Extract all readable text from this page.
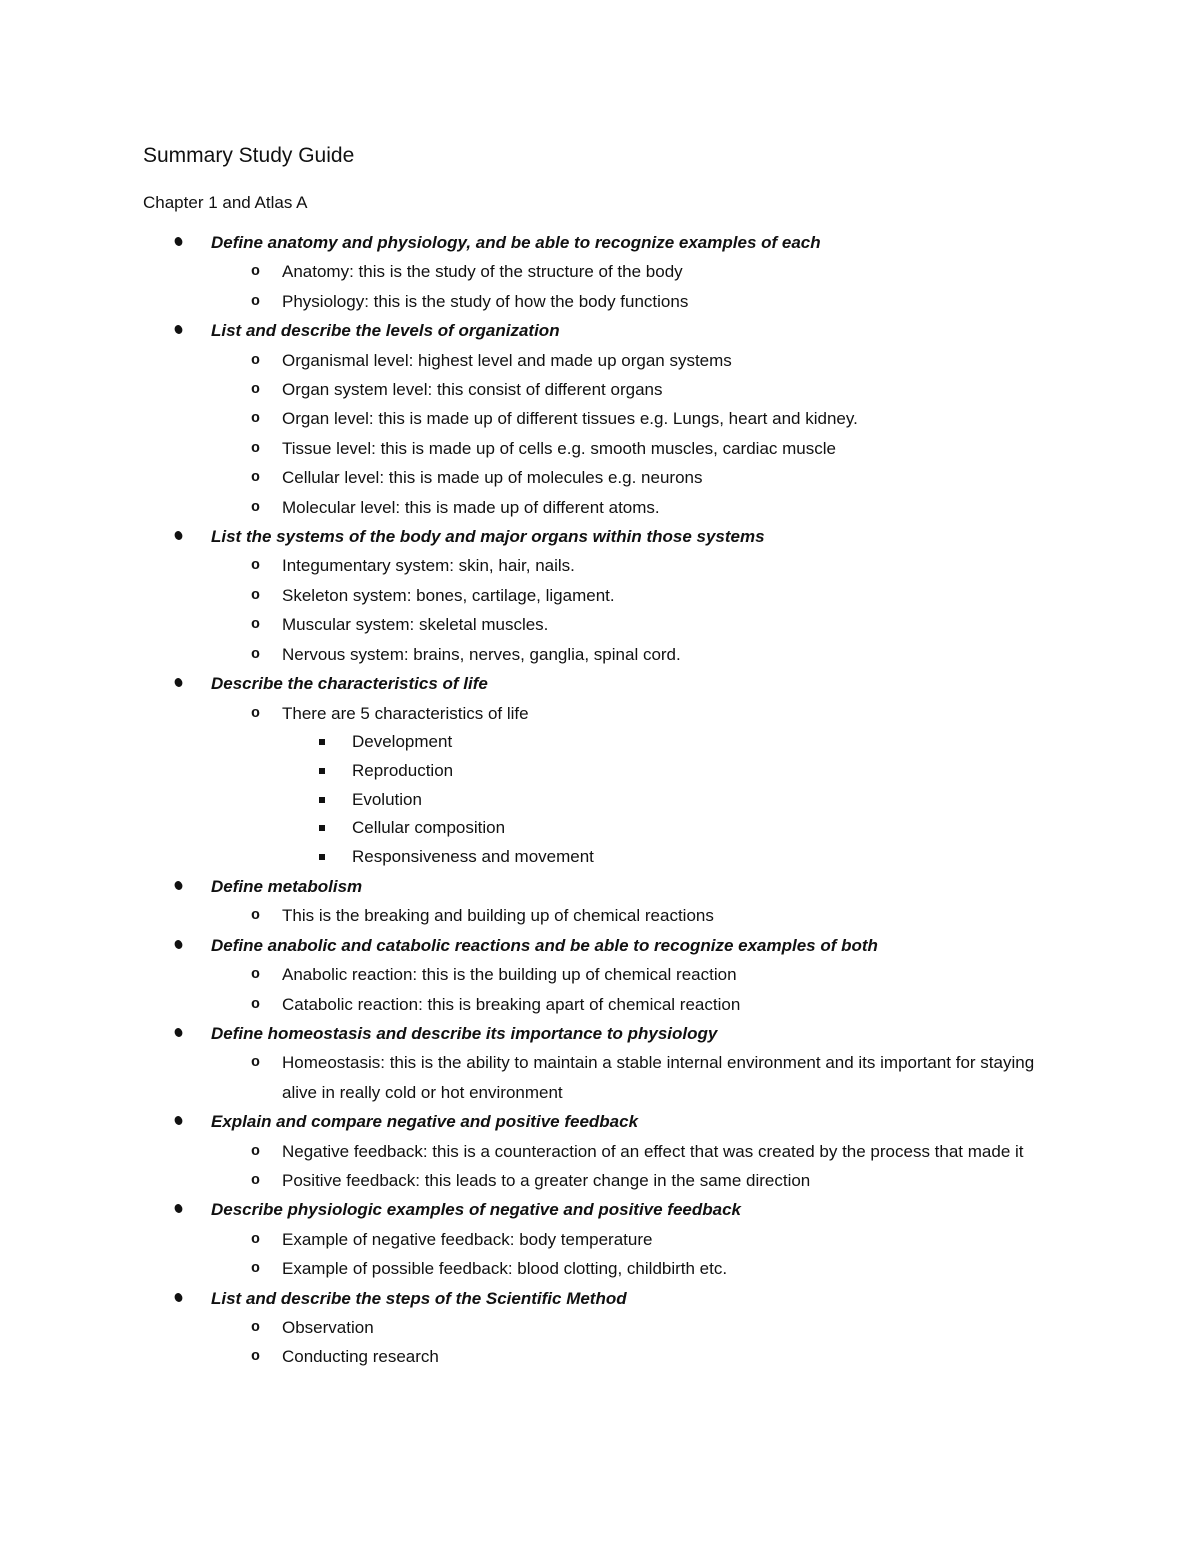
Summary Study Guide

Chapter 1 and Atlas A

Define anatomy and physiology, and be able to recognize examples of each
o Anatomy: this is the study of the structure of the body
o Physiology: this is the study of how the body functions
List and describe the levels of organization
o Organismal level: highest level and made up organ systems
o Organ system level: this consist of different organs
o Organ level: this is made up of different tissues e.g. Lungs, heart and kidney.
o Tissue level: this is made up of cells e.g. smooth muscles, cardiac muscle
o Cellular level: this is made up of molecules e.g. neurons
o Molecular level: this is made up of different atoms.
List the systems of the body and major organs within those systems
o Integumentary system: skin, hair, nails.
o Skeleton system: bones, cartilage, ligament.
o Muscular system: skeletal muscles.
o Nervous system: brains, nerves, ganglia, spinal cord.
Describe the characteristics of life
o There are 5 characteristics of life
Development
Reproduction
Evolution
Cellular composition
Responsiveness and movement
Define metabolism
o This is the breaking and building up of chemical reactions
Define anabolic and catabolic reactions and be able to recognize examples of both
o Anabolic reaction: this is the building up of chemical reaction
o Catabolic reaction: this is breaking apart of chemical reaction
Define homeostasis and describe its importance to physiology
o Homeostasis: this is the ability to maintain a stable internal environment and its important for staying alive in really cold or hot environment
Explain and compare negative and positive feedback
o Negative feedback: this is a counteraction of an effect that was created by the process that made it
o Positive feedback: this leads to a greater change in the same direction
Describe physiologic examples of negative and positive feedback
o Example of negative feedback: body temperature
o Example of possible feedback: blood clotting, childbirth etc.
List and describe the steps of the Scientific Method
o Observation
o Conducting research
